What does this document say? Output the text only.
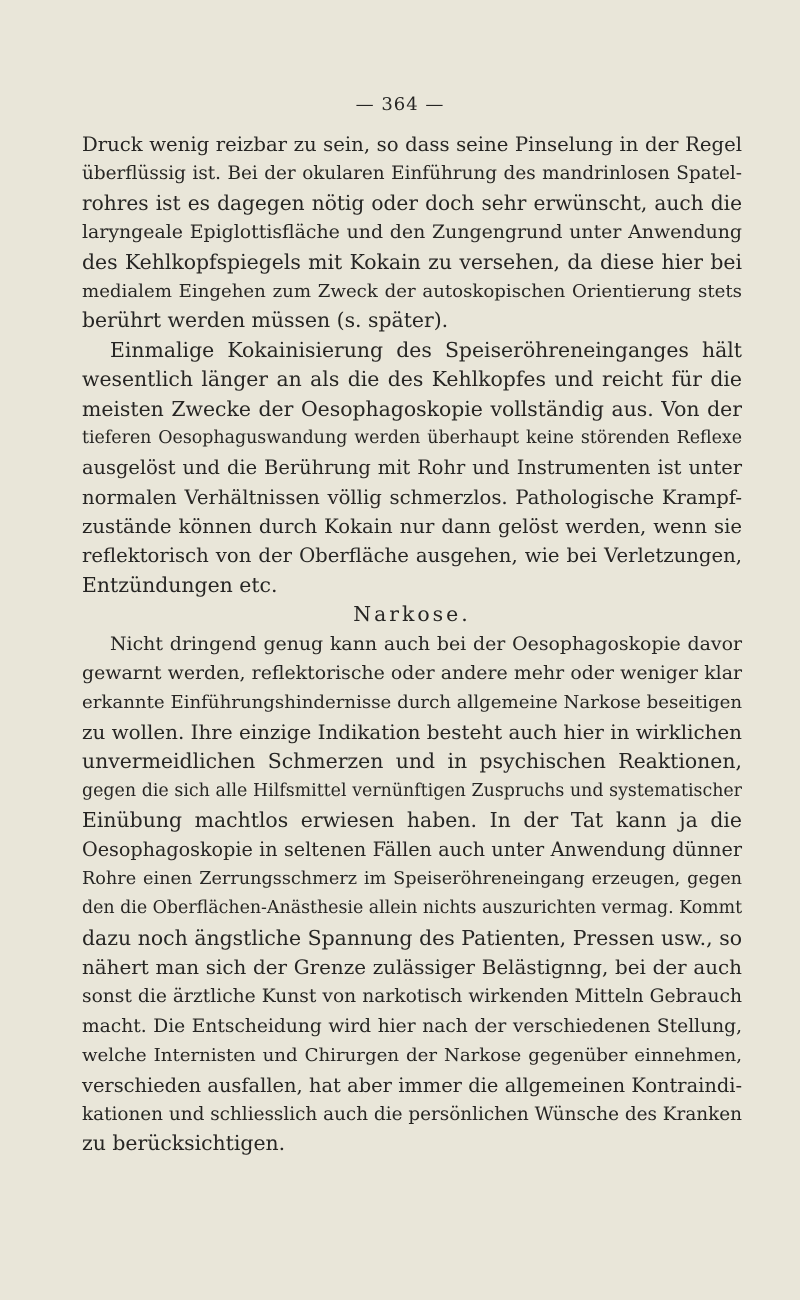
— 364 —
Druck wenig reizbar zu sein, so dass seine Pinselung in der Regel
überflüssig ist. Bei der okularen Einführung des mandrinlosen Spatel-
rohres ist es dagegen nötig oder doch sehr erwünscht, auch die
laryngeale Epiglottisfläche und den Zungengrund unter Anwendung
des Kehlkopfspiegels mit Kokain zu versehen, da diese hier bei
medialem Eingehen zum Zweck der autoskopischen Orientierung stets
berührt werden müssen (s. später).
Einmalige Kokainisierung des Speiseröhreneinganges hält
wesentlich länger an als die des Kehlkopfes und reicht für die
meisten Zwecke der Oesophagoskopie vollständig aus. Von der
tieferen Oesophaguswandung werden überhaupt keine störenden Reflexe
ausgelöst und die Berührung mit Rohr und Instrumenten ist unter
normalen Verhältnissen völlig schmerzlos. Pathologische Krampf-
zustände können durch Kokain nur dann gelöst werden, wenn sie
reflektorisch von der Oberfläche ausgehen, wie bei Verletzungen,
Entzündungen etc.
Narkose.
Nicht dringend genug kann auch bei der Oesophagoskopie davor
gewarnt werden, reflektorische oder andere mehr oder weniger klar
erkannte Einführungshindernisse durch allgemeine Narkose beseitigen
zu wollen. Ihre einzige Indikation besteht auch hier in wirklichen
unvermeidlichen Schmerzen und in psychischen Reaktionen,
gegen die sich alle Hilfsmittel vernünftigen Zuspruchs und systematischer
Einübung machtlos erwiesen haben. In der Tat kann ja die
Oesophagoskopie in seltenen Fällen auch unter Anwendung dünner
Rohre einen Zerrungsschmerz im Speiseröhreneingang erzeugen, gegen
den die Oberflächen-Anästhesie allein nichts auszurichten vermag. Kommt
dazu noch ängstliche Spannung des Patienten, Pressen usw., so
nähert man sich der Grenze zulässiger Belästignng, bei der auch
sonst die ärztliche Kunst von narkotisch wirkenden Mitteln Gebrauch
macht. Die Entscheidung wird hier nach der verschiedenen Stellung,
welche Internisten und Chirurgen der Narkose gegenüber einnehmen,
verschieden ausfallen, hat aber immer die allgemeinen Kontraindi-
kationen und schliesslich auch die persönlichen Wünsche des Kranken
zu berücksichtigen.
